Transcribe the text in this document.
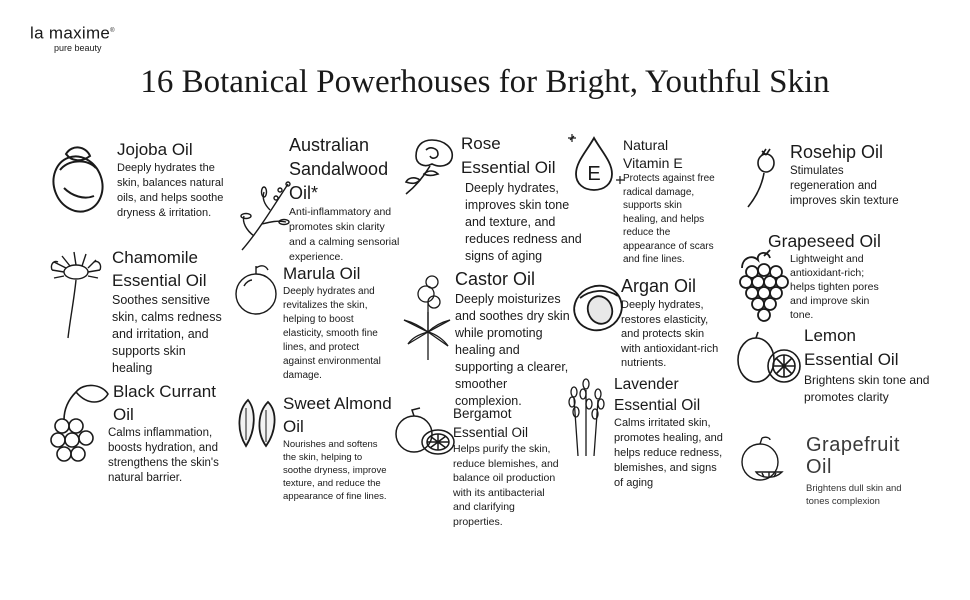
la maxime®
pure beauty
16 Botanical Powerhouses for Bright, Youthful Skin
E
Jojoba Oil

Deeply hydrates the skin, balances natural oils, and helps soothe dryness & irritation.

Chamomile Essential Oil

Soothes sensitive skin, calms redness and irritation, and supports skin healing

Black Currant Oil

Calms inflammation, boosts hydration, and strengthens the skin's natural barrier.

Australian Sandalwood Oil*

Anti-inflammatory and promotes skin clarity and a calming sensorial experience.

Marula Oil

Deeply hydrates and revitalizes the skin, helping to boost elasticity, smooth fine lines, and protect against environmental damage.

Sweet Almond Oil

Nourishes and softens the skin, helping to soothe dryness, improve texture, and reduce the appearance of fine lines.

Rose Essential Oil

Deeply hydrates, improves skin tone and texture, and reduces redness and signs of aging

Castor Oil

Deeply moisturizes and soothes dry skin while promoting healing and supporting a clearer, smoother complexion.

Bergamot Essential Oil

Helps purify the skin, reduce blemishes, and balance oil production with its antibacterial and clarifying properties.

Natural Vitamin E

Protects against free radical damage, supports skin healing, and helps reduce the appearance of scars and fine lines.

Argan Oil

Deeply hydrates, restores elasticity, and protects skin with antioxidant-rich nutrients.

Lavender Essential Oil

Calms irritated skin, promotes healing, and helps reduce redness, blemishes, and signs of aging

Rosehip Oil

Stimulates regeneration and improves skin texture

Grapeseed Oil

Lightweight and antioxidant-rich; helps tighten pores and improve skin tone.

Lemon Essential Oil

Brightens skin tone and promotes clarity

Grapefruit Oil

Brightens dull skin and tones complexion
